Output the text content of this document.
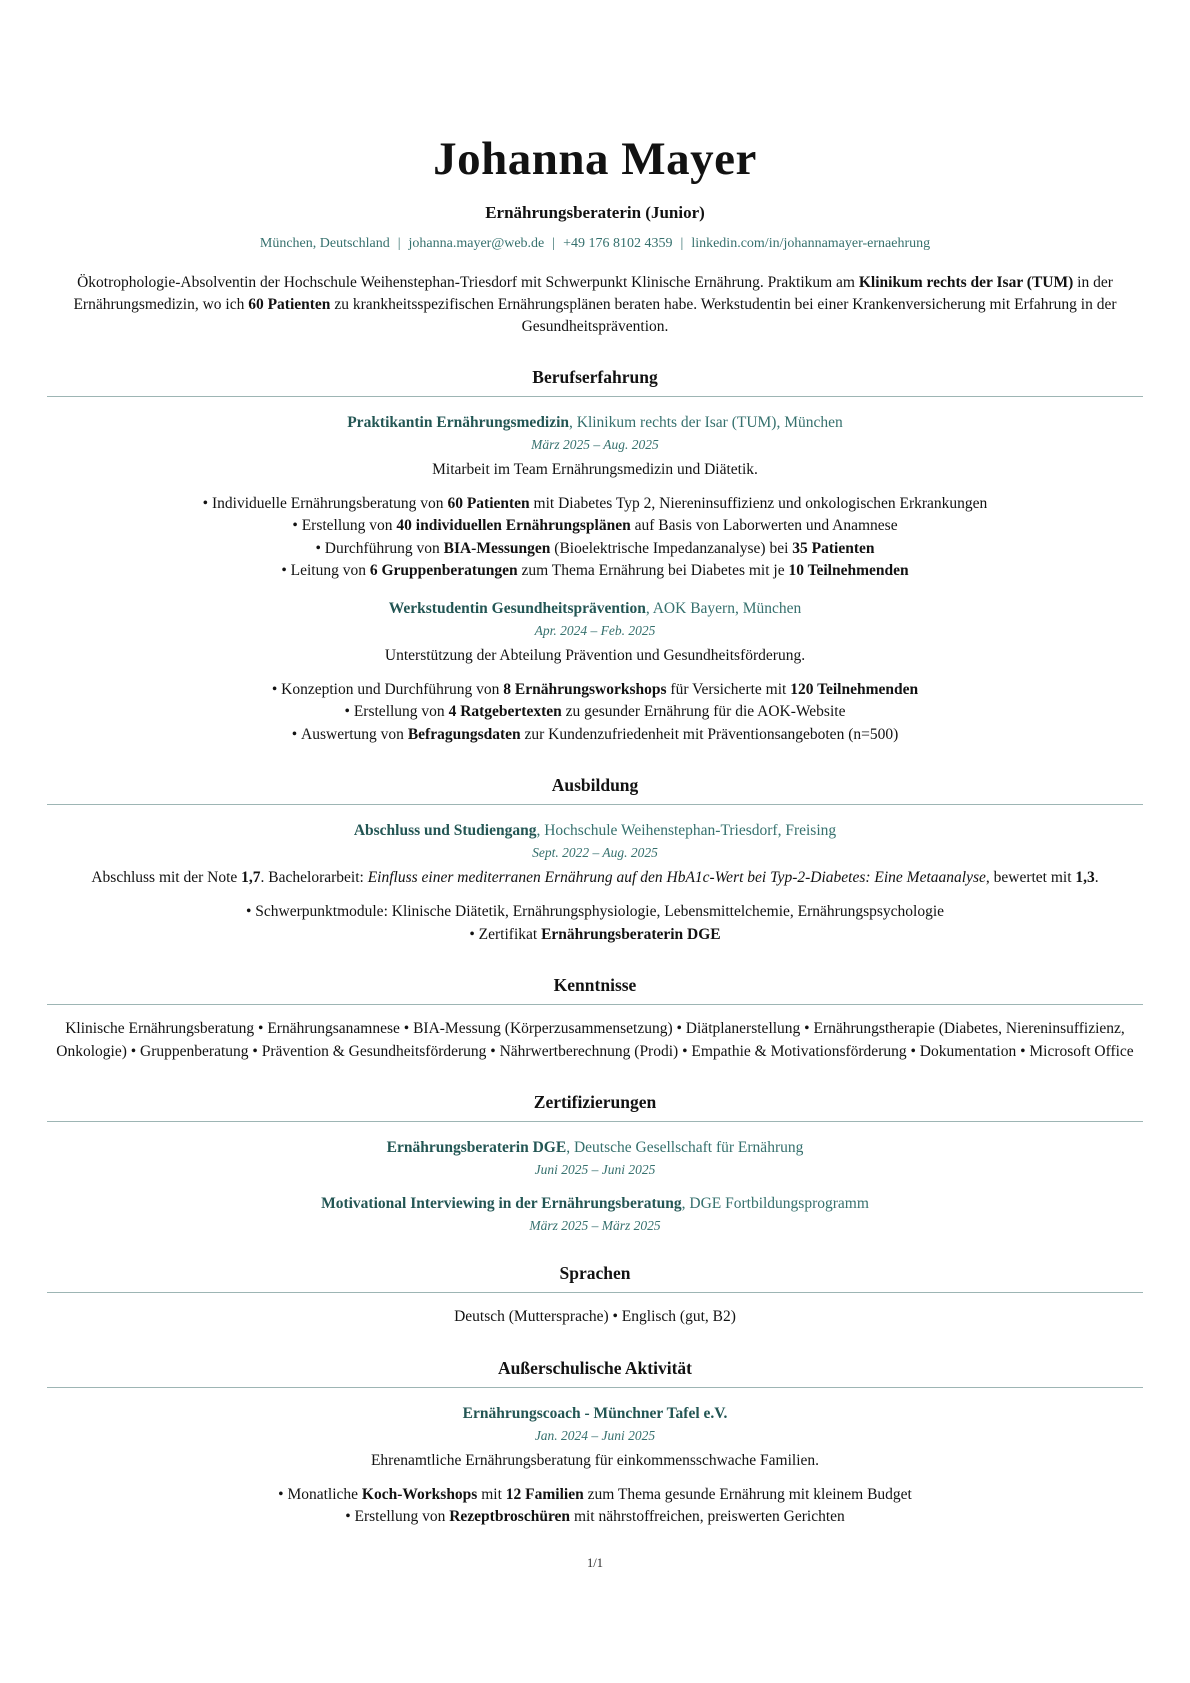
Johanna Mayer
Ernährungsberaterin (Junior)
München, Deutschland | johanna.mayer@web.de | +49 176 8102 4359 | linkedin.com/in/johannamayer-ernaehrung

Ökotrophologie-Absolventin der Hochschule Weihenstephan-Triesdorf mit Schwerpunkt Klinische Ernährung. Praktikum am Klinikum rechts der Isar (TUM) in der Ernährungsmedizin, wo ich 60 Patienten zu krankheitsspezifischen Ernährungsplänen beraten habe. Werkstudentin bei einer Krankenversicherung mit Erfahrung in der Gesundheitsprävention.

Berufserfahrung
Praktikantin Ernährungsmedizin, Klinikum rechts der Isar (TUM), München
März 2025 – Aug. 2025
Mitarbeit im Team Ernährungsmedizin und Diätetik.
• Individuelle Ernährungsberatung von 60 Patienten mit Diabetes Typ 2, Niereninsuffizienz und onkologischen Erkrankungen
• Erstellung von 40 individuellen Ernährungsplänen auf Basis von Laborwerten und Anamnese
• Durchführung von BIA-Messungen (Bioelektrische Impedanzanalyse) bei 35 Patienten
• Leitung von 6 Gruppenberatungen zum Thema Ernährung bei Diabetes mit je 10 Teilnehmenden
Werkstudentin Gesundheitsprävention, AOK Bayern, München
Apr. 2024 – Feb. 2025
Unterstützung der Abteilung Prävention und Gesundheitsförderung.
• Konzeption und Durchführung von 8 Ernährungsworkshops für Versicherte mit 120 Teilnehmenden
• Erstellung von 4 Ratgebertexten zu gesunder Ernährung für die AOK-Website
• Auswertung von Befragungsdaten zur Kundenzufriedenheit mit Präventionsangeboten (n=500)
Ausbildung
Abschluss und Studiengang, Hochschule Weihenstephan-Triesdorf, Freising
Sept. 2022 – Aug. 2025
Abschluss mit der Note 1,7. Bachelorarbeit: Einfluss einer mediterranen Ernährung auf den HbA1c-Wert bei Typ-2-Diabetes: Eine Metaanalyse, bewertet mit 1,3.
• Schwerpunktmodule: Klinische Diätetik, Ernährungsphysiologie, Lebensmittelchemie, Ernährungspsychologie
• Zertifikat Ernährungsberaterin DGE
Kenntnisse

Klinische Ernährungsberatung • Ernährungsanamnese • BIA-Messung (Körperzusammensetzung) • Diätplanerstellung • Ernährungstherapie (Diabetes, Niereninsuffizienz, Onkologie) • Gruppenberatung • Prävention & Gesundheitsförderung • Nährwertberechnung (Prodi) • Empathie & Motivationsförderung • Dokumentation • Microsoft Office

Zertifizierungen
Ernährungsberaterin DGE, Deutsche Gesellschaft für Ernährung
Juni 2025 – Juni 2025
Motivational Interviewing in der Ernährungsberatung, DGE Fortbildungsprogramm
März 2025 – März 2025
Sprachen

Deutsch (Muttersprache) • Englisch (gut, B2)

Außerschulische Aktivität
Ernährungscoach - Münchner Tafel e.V.
Jan. 2024 – Juni 2025
Ehrenamtliche Ernährungsberatung für einkommensschwache Familien.
• Monatliche Koch-Workshops mit 12 Familien zum Thema gesunde Ernährung mit kleinem Budget
• Erstellung von Rezeptbroschüren mit nährstoffreichen, preiswerten Gerichten
1/1
